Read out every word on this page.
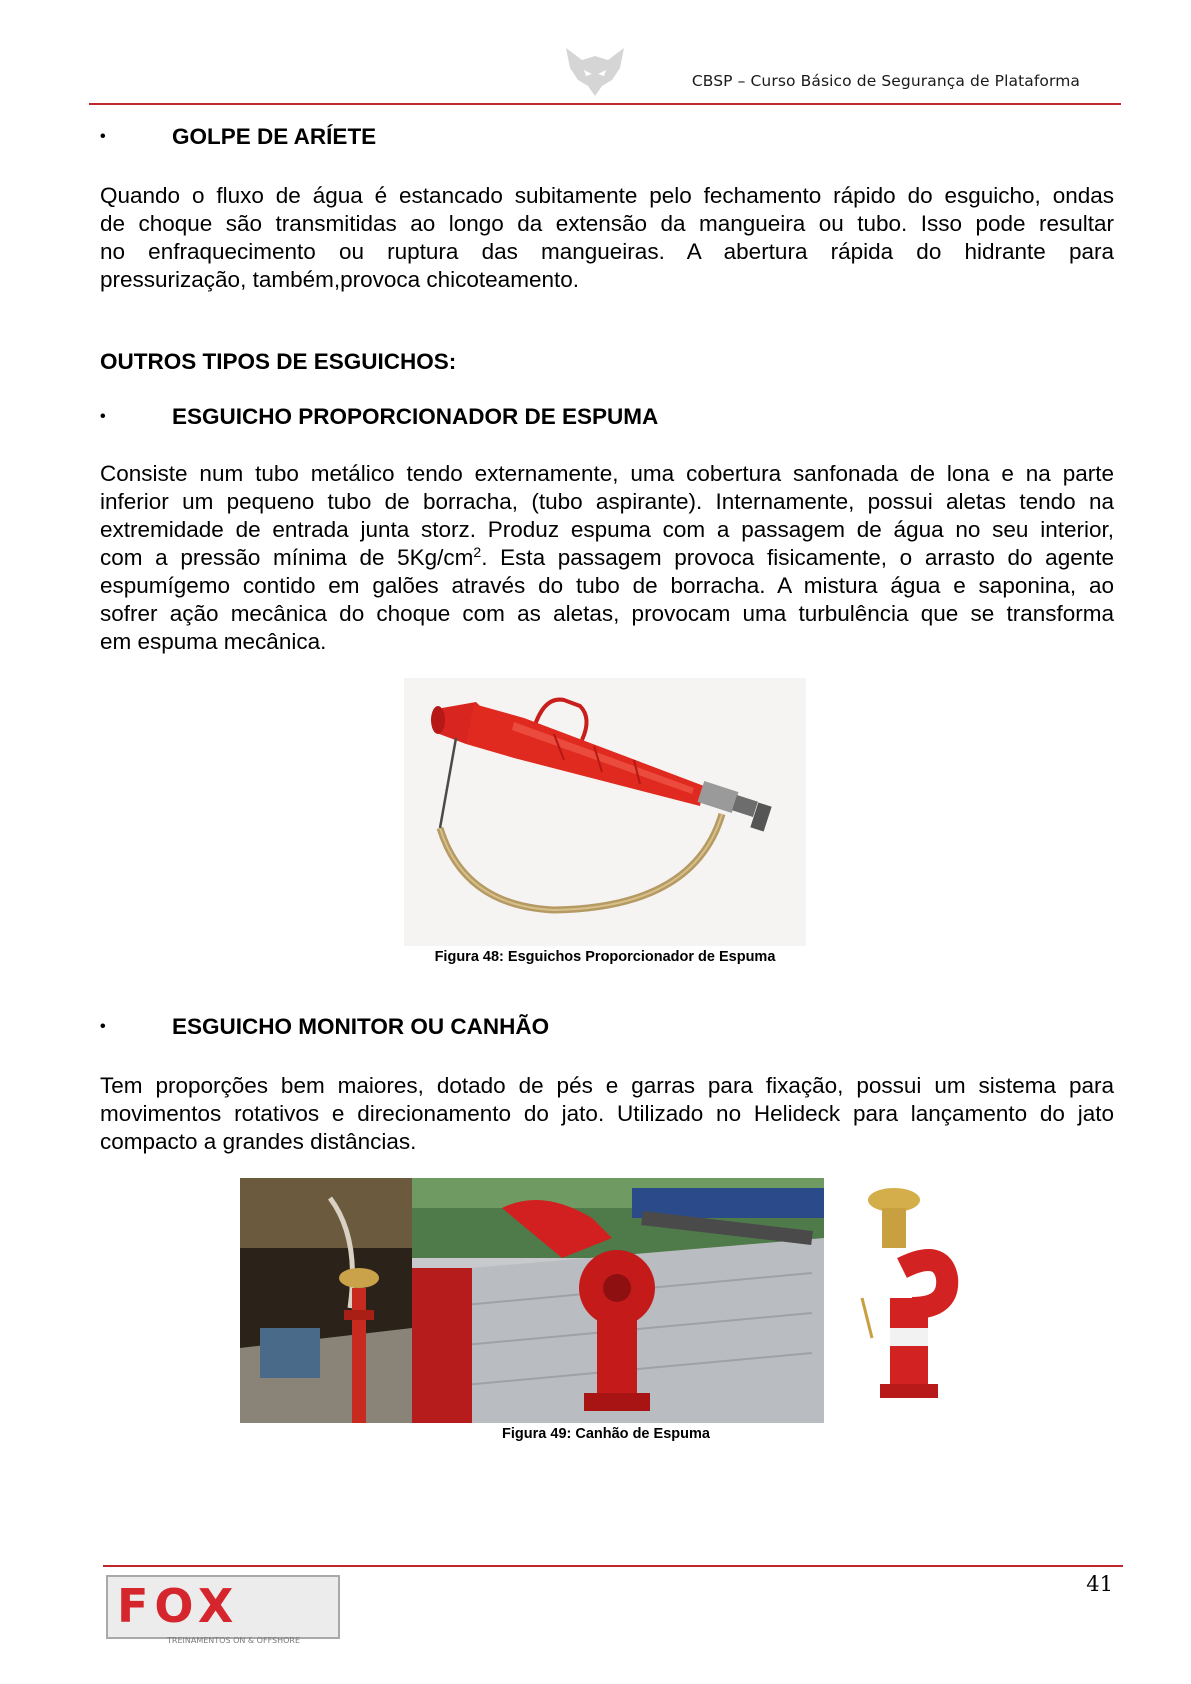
CBSP – Curso Básico de Segurança de Plataforma
•	GOLPE DE ARÍETE
Quando o fluxo de água é estancado subitamente pelo fechamento rápido do esguicho, ondas
de choque são transmitidas ao longo da extensão da mangueira ou tubo. Isso pode resultar
no enfraquecimento ou ruptura das mangueiras. A abertura rápida do hidrante para
pressurização, também,provoca chicoteamento.
OUTROS TIPOS DE ESGUICHOS:
•	ESGUICHO PROPORCIONADOR DE ESPUMA
Consiste num tubo metálico tendo externamente, uma cobertura sanfonada de lona e na parte
inferior um pequeno tubo de borracha, (tubo aspirante). Internamente, possui aletas tendo na
extremidade de entrada junta storz. Produz espuma com a passagem de água no seu interior,
com a pressão mínima de $5Kg/cm^2$. Esta passagem provoca fisicamente, o arrasto do agente
espumígemo contido em galões através do tubo de borracha. A mistura água e saponina, ao
sofrer ação mecânica do choque com as aletas, provocam uma turbulência que se transforma
em espuma mecânica.
Figura 48: Esguichos Proporcionador de Espuma
•	ESGUICHO MONITOR OU CANHÃO
Tem proporções bem maiores, dotado de pés e garras para fixação, possui um sistema para
movimentos rotativos e direcionamento do jato. Utilizado no Helideck para lançamento do jato
compacto a grandes distâncias.
Figura 49: Canhão de Espuma
41
FOX
TREINAMENTOS ON & OFFSHORE
